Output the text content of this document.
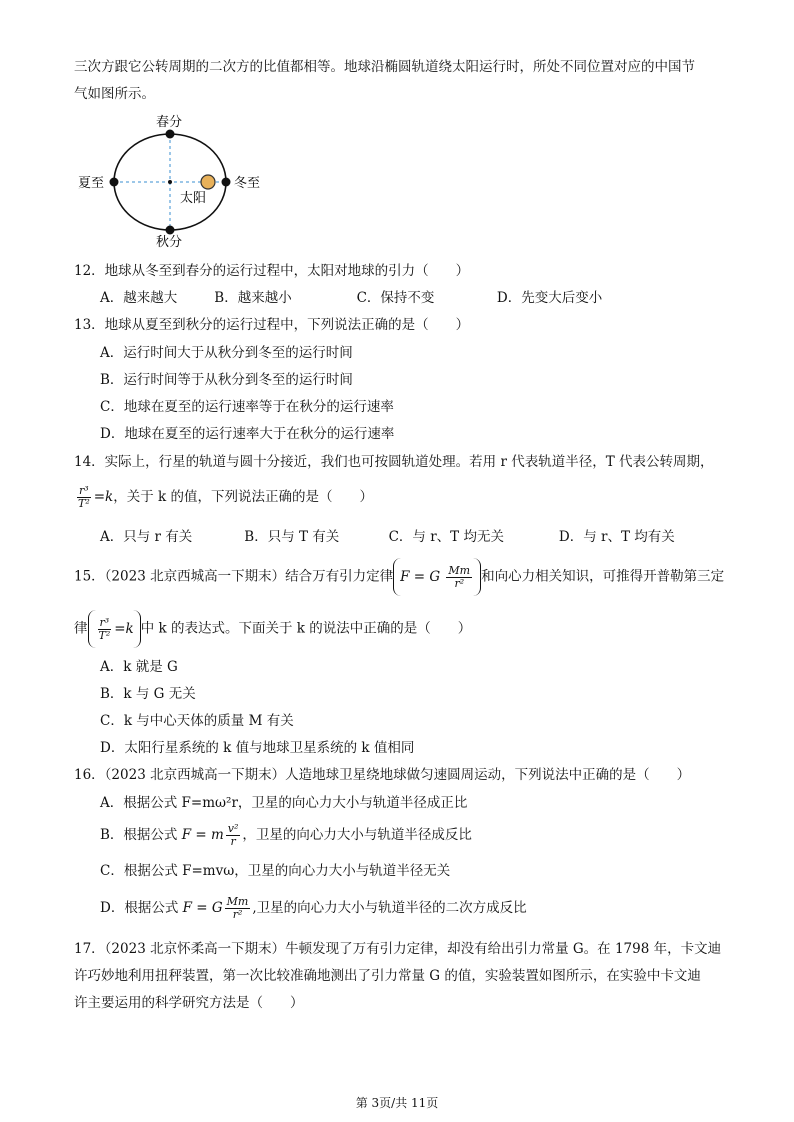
三次方跟它公转周期的二次方的比值都相等。地球沿椭圆轨道绕太阳运行时，所处不同位置对应的中国节
气如图所示。
春分
秋分
夏至	冬至
太阳
12．地球从冬至到春分的运行过程中，太阳对地球的引力（　　）
A．越来越大	B．越来越小	C．保持不变	D．先变大后变小
13．地球从夏至到秋分的运行过程中，下列说法正确的是（　　）
A．运行时间大于从秋分到冬至的运行时间
B．运行时间等于从秋分到冬至的运行时间
C．地球在夏至的运行速率等于在秋分的运行速率
D．地球在夏至的运行速率大于在秋分的运行速率
14．实际上，行星的轨道与圆十分接近，我们也可按圆轨道处理。若用 r 代表轨道半径，T 代表公转周期，
$\frac{\text{r³}}{\text{T²}} =k$，关于 k 的值，下列说法正确的是（　　）
A．只与 r 有关	B．只与 T 有关	C．与 r、T 均无关	D．与 r、T 均有关
15．（2023 北京西城高一下期末）结合万有引力定律 F = G $\frac{Mm}{\text{r²}}$ 和向心力相关知识，可推得开普勒第三定
律 $\frac{\text{r³}}{\text{T²}} =k$ 中 k 的表达式。下面关于 k 的说法中正确的是（　　）
A．k 就是 G
B．k 与 G 无关
C．k 与中心天体的质量 M 有关
D．太阳行星系统的 k 值与地球卫星系统的 k 值相同
16．（2023 北京西城高一下期末）人造地球卫星绕地球做匀速圆周运动，下列说法中正确的是（　　）
A．根据公式 F=mω²r，卫星的向心力大小与轨道半径成正比
B．根据公式 F = m $\frac{\text{v²}}{r}$ ，卫星的向心力大小与轨道半径成反比
C．根据公式 F=mvω，卫星的向心力大小与轨道半径无关
D．根据公式 F = G $\frac{Mm}{\text{r²}}$ ,卫星的向心力大小与轨道半径的二次方成反比
17．（2023 北京怀柔高一下期末）牛顿发现了万有引力定律，却没有给出引力常量 G。在 1798 年，卡文迪
许巧妙地利用扭秤装置，第一次比较准确地测出了引力常量 G 的值，实验装置如图所示，在实验中卡文迪
许主要运用的科学研究方法是（　　）
第 3页/共 11页
